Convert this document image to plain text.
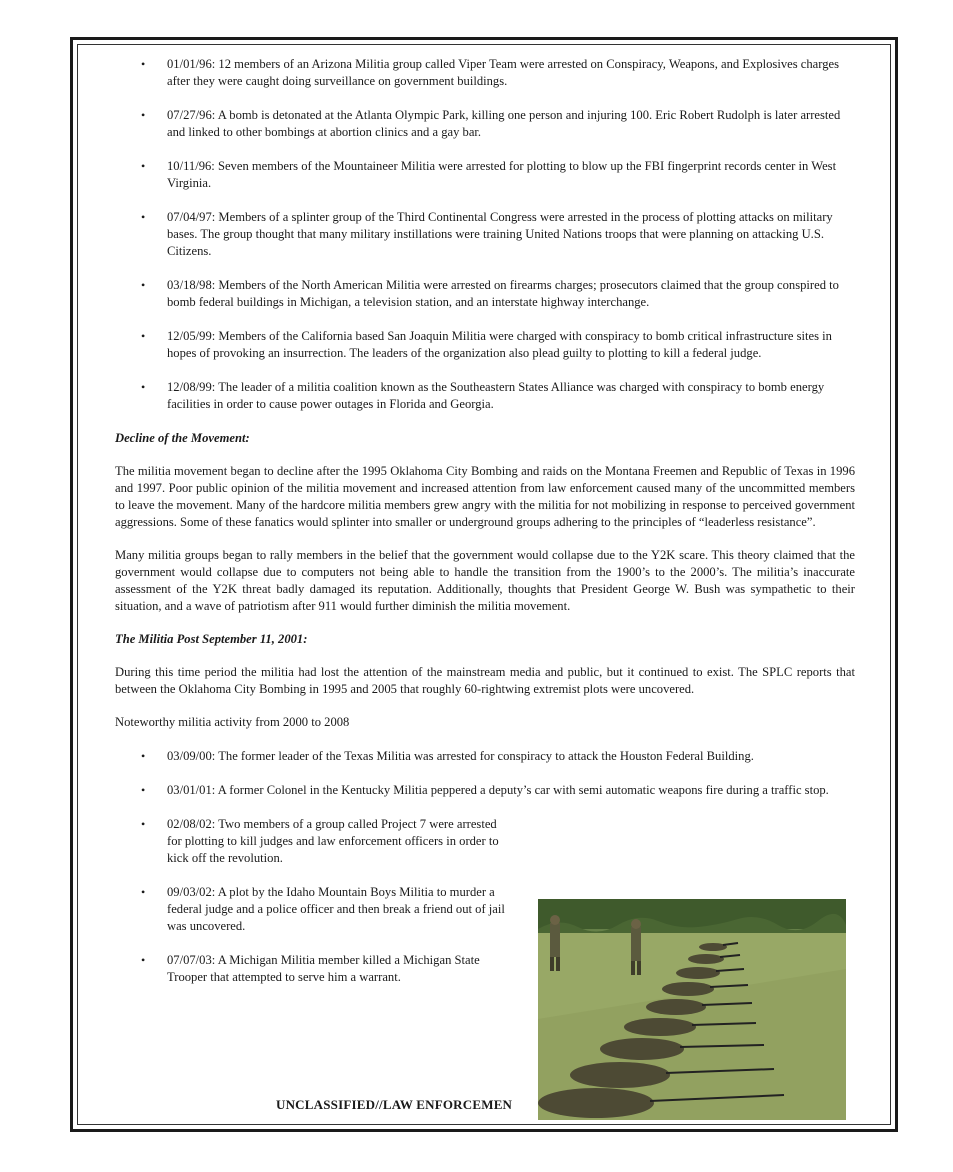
• 01/01/96: 12 members of an Arizona Militia group called Viper Team were arrested on Conspiracy, Weapons, and Explosives charges after they were caught doing surveillance on government buildings.
• 07/27/96: A bomb is detonated at the Atlanta Olympic Park, killing one person and injuring 100. Eric Robert Rudolph is later arrested and linked to other bombings at abortion clinics and a gay bar.
• 10/11/96: Seven members of the Mountaineer Militia were arrested for plotting to blow up the FBI fingerprint records center in West Virginia.
• 07/04/97: Members of a splinter group of the Third Continental Congress were arrested in the process of plotting attacks on military bases. The group thought that many military instillations were training United Nations troops that were planning on attacking U.S. Citizens.
• 03/18/98: Members of the North American Militia were arrested on firearms charges; prosecutors claimed that the group conspired to bomb federal buildings in Michigan, a television station, and an interstate highway interchange.
• 12/05/99: Members of the California based San Joaquin Militia were charged with conspiracy to bomb critical infrastructure sites in hopes of provoking an insurrection. The leaders of the organization also plead guilty to plotting to kill a federal judge.
• 12/08/99: The leader of a militia coalition known as the Southeastern States Alliance was charged with conspiracy to bomb energy facilities in order to cause power outages in Florida and Georgia.
Decline of the Movement:

The militia movement began to decline after the 1995 Oklahoma City Bombing and raids on the Montana Freemen and Republic of Texas in 1996 and 1997. Poor public opinion of the militia movement and increased attention from law enforcement caused many of the uncommitted members to leave the movement. Many of the hardcore militia members grew angry with the militia for not mobilizing in response to perceived government aggressions. Some of these fanatics would splinter into smaller or underground groups adhering to the principles of “leaderless resistance”.

Many militia groups began to rally members in the belief that the government would collapse due to the Y2K scare. This theory claimed that the government would collapse due to computers not being able to handle the transition from the 1900’s to the 2000’s. The militia’s inaccurate assessment of the Y2K threat badly damaged its reputation. Additionally, thoughts that President George W. Bush was sympathetic to their situation, and a wave of patriotism after 911 would further diminish the militia movement.

The Militia Post September 11, 2001:

During this time period the militia had lost the attention of the mainstream media and public, but it continued to exist. The SPLC reports that between the Oklahoma City Bombing in 1995 and 2005 that roughly 60-rightwing extremist plots were uncovered.

Noteworthy militia activity from 2000 to 2008

• 03/09/00: The former leader of the Texas Militia was arrested for conspiracy to attack the Houston Federal Building.
• 03/01/01: A former Colonel in the Kentucky Militia peppered a deputy’s car with semi automatic weapons fire during a traffic stop.
• 02/08/02: Two members of a group called Project 7 were arrested for plotting to kill judges and law enforcement officers in order to kick off the revolution.
• 09/03/02: A plot by the Idaho Mountain Boys Militia to murder a federal judge and a police officer and then break a friend out of jail was uncovered.
• 07/07/03: A Michigan Militia member killed a Michigan State Trooper that attempted to serve him a warrant.
UNCLASSIFIED//LAW ENFORCEMEN
